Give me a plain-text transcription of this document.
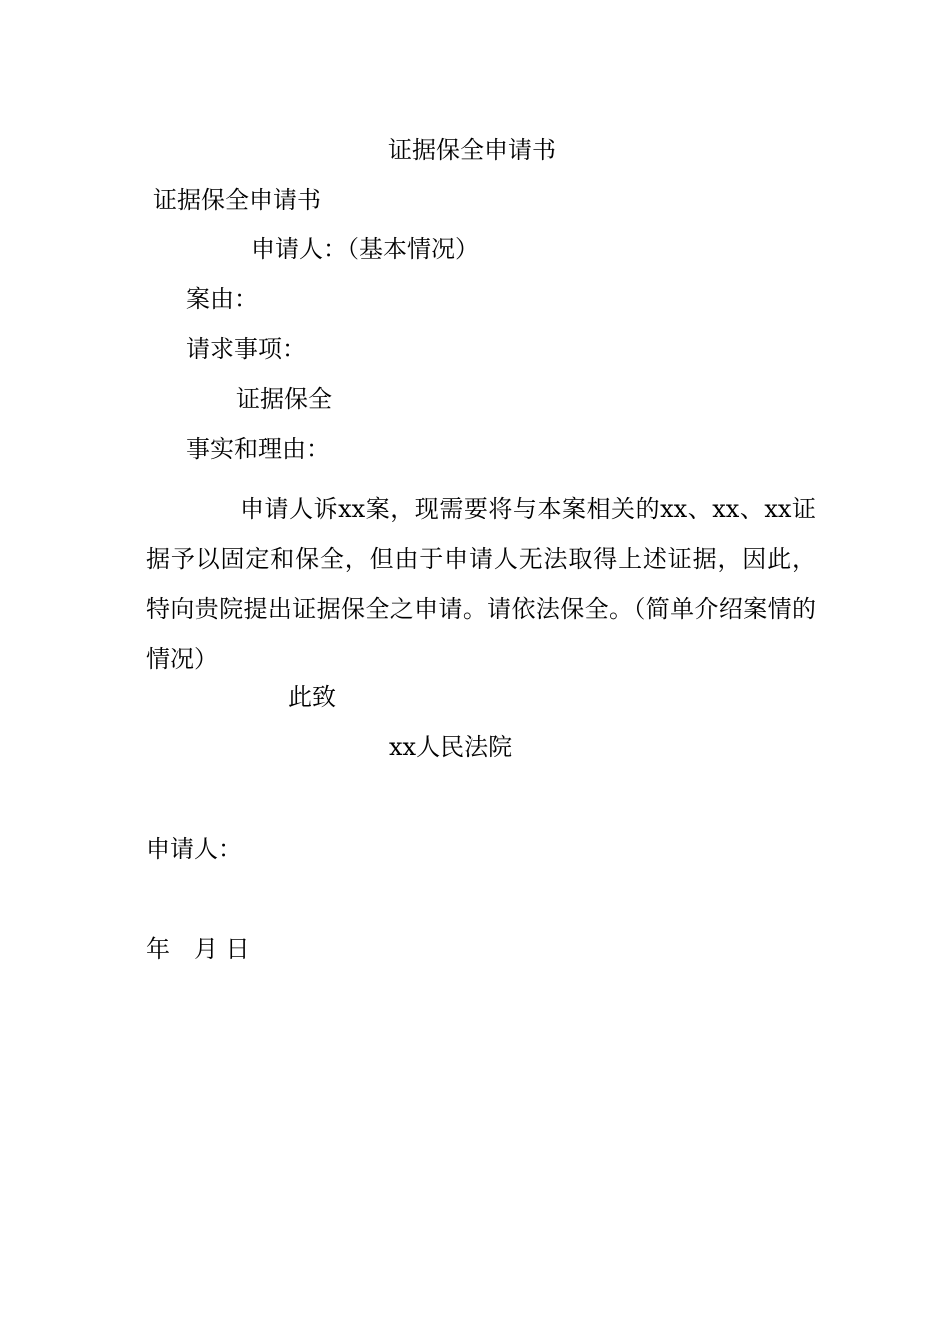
证据保全申请书
证据保全申请书
申请人：（基本情况）
案由：
请求事项：
证据保全
事实和理由：
申请人诉xx案，现需要将与本案相关的xx、xx、xx证据予以固定和保全，但由于申请人无法取得上述证据，因此，特向贵院提出证据保全之申请。请依法保全。（简单介绍案情的情况）
此致
xx人民法院
申请人：
年　月 日
